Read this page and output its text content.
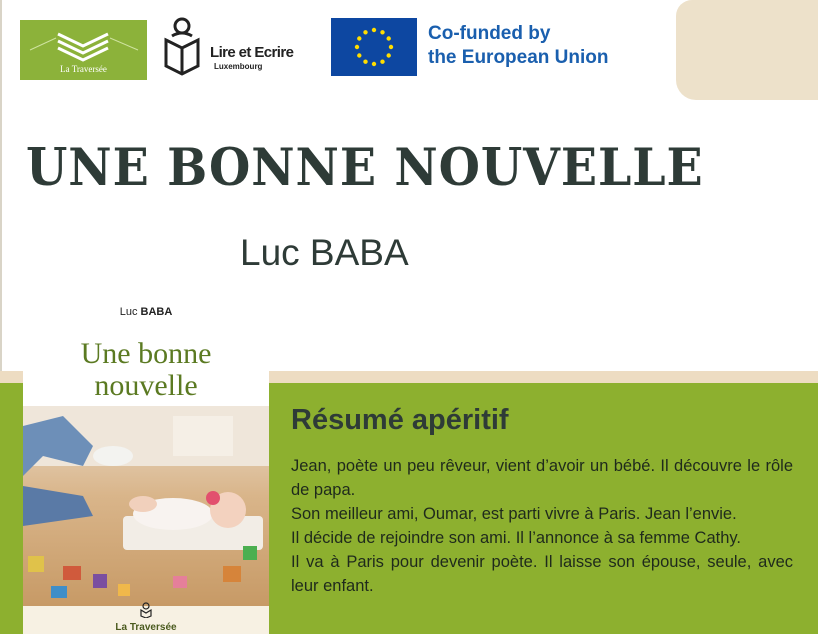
La Traversée
Lire et Ecrire
Luxembourg
Co-funded by
the European Union
UNE BONNE NOUVELLE
Luc BABA
Luc BABA
Une bonne
nouvelle
La Traversée
Résumé apéritif

Jean, poète un peu rêveur, vient d’avoir un bébé. Il découvre le rôle de papa.

Son meilleur ami, Oumar, est parti vivre à Paris. Jean l’envie.

Il décide de rejoindre son ami. Il l’annonce à sa femme Cathy.

Il va à Paris pour devenir poète. Il laisse son épouse, seule, avec leur enfant.
